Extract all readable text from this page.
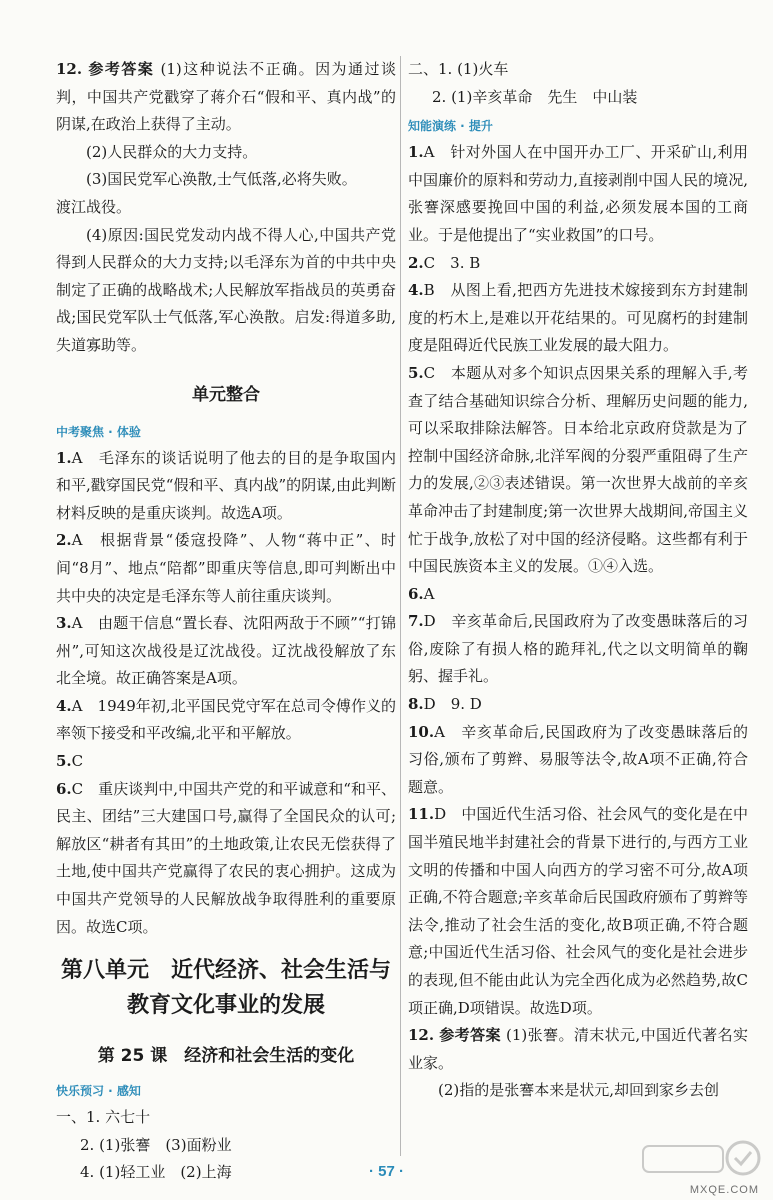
12. 参考答案 (1)这种说法不正确。因为通过谈判，中国共产党戳穿了蒋介石“假和平、真内战”的阴谋,在政治上获得了主动。

(2)人民群众的大力支持。

(3)国民党军心涣散,士气低落,必将失败。

渡江战役。

(4)原因:国民党发动内战不得人心,中国共产党得到人民群众的大力支持;以毛泽东为首的中共中央制定了正确的战略战术;人民解放军指战员的英勇奋战;国民党军队士气低落,军心涣散。启发:得道多助,失道寡助等。

单元整合
中考聚焦 · 体验

1.A　毛泽东的谈话说明了他去的目的是争取国内和平,戳穿国民党“假和平、真内战”的阴谋,由此判断材料反映的是重庆谈判。故选A项。

2.A　根据背景“倭寇投降”、人物“蒋中正”、时间“8月”、地点“陪都”即重庆等信息,即可判断出中共中央的决定是毛泽东等人前往重庆谈判。

3.A　由题干信息“置长春、沈阳两敌于不顾”“打锦州”,可知这次战役是辽沈战役。辽沈战役解放了东北全境。故正确答案是A项。

4.A　1949年初,北平国民党守军在总司令傅作义的率领下接受和平改编,北平和平解放。

5.C

6.C　重庆谈判中,中国共产党的和平诚意和“和平、民主、团结”三大建国口号,赢得了全国民众的认可;解放区“耕者有其田”的土地政策,让农民无偿获得了土地,使中国共产党赢得了农民的衷心拥护。这成为中国共产党领导的人民解放战争取得胜利的重要原因。故选C项。

第八单元　近代经济、社会生活与
教育文化事业的发展
第 25 课　经济和社会生活的变化
快乐预习 · 感知

一、1. 六七十

2. (1)张謇　(3)面粉业

4. (1)轻工业　(2)上海

二、1. (1)火车

2. (1)辛亥革命　先生　中山装

知能演练 · 提升

1.A　针对外国人在中国开办工厂、开采矿山,利用中国廉价的原料和劳动力,直接剥削中国人民的境况,张謇深感要挽回中国的利益,必须发展本国的工商业。于是他提出了“实业救国”的口号。

2.C　3. B

4.B　从图上看,把西方先进技术嫁接到东方封建制度的朽木上,是难以开花结果的。可见腐朽的封建制度是阻碍近代民族工业发展的最大阻力。

5.C　本题从对多个知识点因果关系的理解入手,考查了结合基础知识综合分析、理解历史问题的能力,可以采取排除法解答。日本给北京政府贷款是为了控制中国经济命脉,北洋军阀的分裂严重阻碍了生产力的发展,②③表述错误。第一次世界大战前的辛亥革命冲击了封建制度;第一次世界大战期间,帝国主义忙于战争,放松了对中国的经济侵略。这些都有利于中国民族资本主义的发展。①④入选。

6.A

7.D　辛亥革命后,民国政府为了改变愚昧落后的习俗,废除了有损人格的跪拜礼,代之以文明简单的鞠躬、握手礼。

8.D　9. D

10.A　辛亥革命后,民国政府为了改变愚昧落后的习俗,颁布了剪辫、易服等法令,故A项不正确,符合题意。

11.D　中国近代生活习俗、社会风气的变化是在中国半殖民地半封建社会的背景下进行的,与西方工业文明的传播和中国人向西方的学习密不可分,故A项正确,不符合题意;辛亥革命后民国政府颁布了剪辫等法令,推动了社会生活的变化,故B项正确,不符合题意;中国近代生活习俗、社会风气的变化是社会进步的表现,但不能由此认为完全西化成为必然趋势,故C项正确,D项错误。故选D项。

12. 参考答案 (1)张謇。清末状元,中国近代著名实业家。

(2)指的是张謇本来是状元,却回到家乡去创

· 57 ·
MXQE.COM
